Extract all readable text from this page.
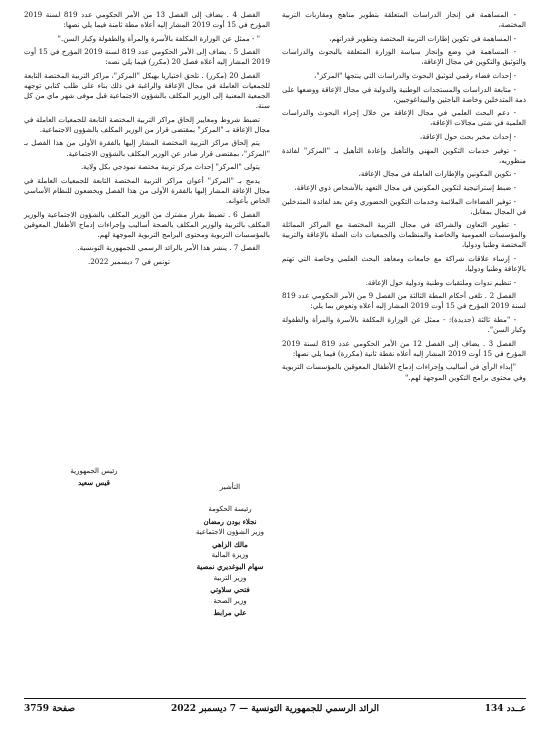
- المساهمة في إنجاز الدراسات المتعلقة بتطوير مناهج ومقاربات التربية المختصة،

- المساهمة في تكوين إطارات التربية المختصة وتطوير قدراتهم،

- المساهمة في وضع وإنجاز سياسة الوزارة المتعلقة بالبحوث والدراسات والتوثيق والتكوين في مجال الإعاقة،

- إحداث فضاء رقمي لتوثيق البحوث والدراسات التي ينتجها "المركز"،

- متابعة الدراسات والمستجدات الوطنية والدولية في مجال الإعاقة ووضعها على ذمة المتدخلين وخاصة الباحثين والبيداغوجيين،

- دعم البحث العلمي في مجال الإعاقة من خلال إجراء البحوث والدراسات العلمية في شتى مجالات الإعاقة،

- إحداث مخبر بحث حول الإعاقة،

- توفير خدمات التكوين المهني والتأهيل وإعادة التأهيل بـ "المركز" لفائدة منظوريه،

- تكوين المكونين والإطارات العاملة في مجال الإعاقة،

- ضبط إستراتيجية لتكوين المكونين في مجال التعهد بالأشخاص ذوي الإعاقة،

- توفير الفضاءات الملائمة وخدمات التكوين الحضوري وعن بعد لفائدة المتدخلين في المجال بمقابل،

- تطوير التعاون والشراكة في مجال التربية المختصة مع المراكز المماثلة والمؤسسات العمومية والخاصة والمنظمات والجمعيات ذات الصلة بالإعاقة والتربية المختصة وطنيا ودوليا،

- إرساء علاقات شراكة مع جامعات ومعاهد البحث العلمي وخاصة التي تهتم بالإعاقة وطنيا ودوليا،

- تنظيم ندوات وملتقيات وطنية ودولية حول الإعاقة.

الفصل 2 . تلغى أحكام المطة الثالثة من الفصل 9 من الأمر الحكومي عدد 819 لسنة 2019 المؤرخ في 15 أوت 2019 المشار إليه أعلاه وتعوض بما يلي:

- "مطة ثالثة (جديدة): - ممثل عن الوزارة المكلفة بالأسرة والمرأة والطفولة وكبار السن".

الفصل 3 . يضاف إلى الفصل 12 من الأمر الحكومي عدد 819 لسنة 2019 المؤرخ في 15 أوت 2019 المشار إليه أعلاه نقطة ثانية (مكررة) فيما يلي نصها:

"إبداء الرأي في أساليب وإجراءات إدماج الأطفال المعوقين بالمؤسسات التربوية وفي محتوى برامج التكوين الموجهة لهم."

الفصل 4 . يضاف إلى الفصل 13 من الأمر الحكومي عدد 819 لسنة 2019 المؤرخ في 15 أوت 2019 المشار إليه أعلاه مطة ثامنة فيما يلي نصها:

" - ممثل عن الوزارة المكلفة بالأسرة والمرأة والطفولة وكبار السن."

الفصل 5 . يضاف إلى الأمر الحكومي عدد 819 لسنة 2019 المؤرخ في 15 أوت 2019 المشار إليه أعلاه فصل 20 (مكرر) فيما يلي نصه:

الفصل 20 (مكرر) . تلحق اختياريا بهيكل "المركز"، مراكز التربية المختصة التابعة للجمعيات العاملة في مجال الإعاقة والراغبة في ذلك بناء على طلب كتابي توجهه الجمعية المعنية إلى الوزير المكلف بالشؤون الاجتماعية قبل موفى شهر ماي من كل سنة.

تضبط شروط ومعايير إلحاق مراكز التربية المختصة التابعة للجمعيات العاملة في مجال الإعاقة بـ "المركز" بمقتضى قرار من الوزير المكلف بالشؤون الاجتماعية.

يتم إلحاق مراكز التربية المختصة المشار إليها بالفقرة الأولى من هذا الفصل بـ "المركز"، بمقتضى قرار صادر عن الوزير المكلف بالشؤون الاجتماعية.

يتولى "المركز" إحداث مركز تربية مختصة نموذجي بكل ولاية.

يدمج بـ "المركز" أعوان مراكز التربية المختصة التابعة للجمعيات العاملة في مجال الإعاقة المشار إليها بالفقرة الأولى من هذا الفصل ويخضعون للنظام الأساسي الخاص بأعوانه.

الفصل 6 . تضبط بقرار مشترك من الوزير المكلف بالشؤون الاجتماعية والوزير المكلف بالتربية والوزير المكلف بالصحة أساليب وإجراءات إدماج الأطفال المعوقين بالمؤسسات التربوية ومحتوى البرامج التربوية الموجهة لهم.

الفصل 7 . ينشر هذا الأمر بالرائد الرسمي للجمهورية التونسية.

تونس في 7 ديسمبر 2022.

رئيس الجمهورية
قيس سعيد	التأشير
رئيسة الحكومة
نجلاء بودن رمضان
وزير الشؤون الاجتماعية
مالك الزاهي
وزيرة المالية
سهام البوغديري نمصية
وزير التربية
فتحي سلاوتي
وزير الصحة
علي مرابط
عــدد 134
الرائد الرسمي للجمهورية التونسية — 7 ديسمبر 2022
صفحة 3759
